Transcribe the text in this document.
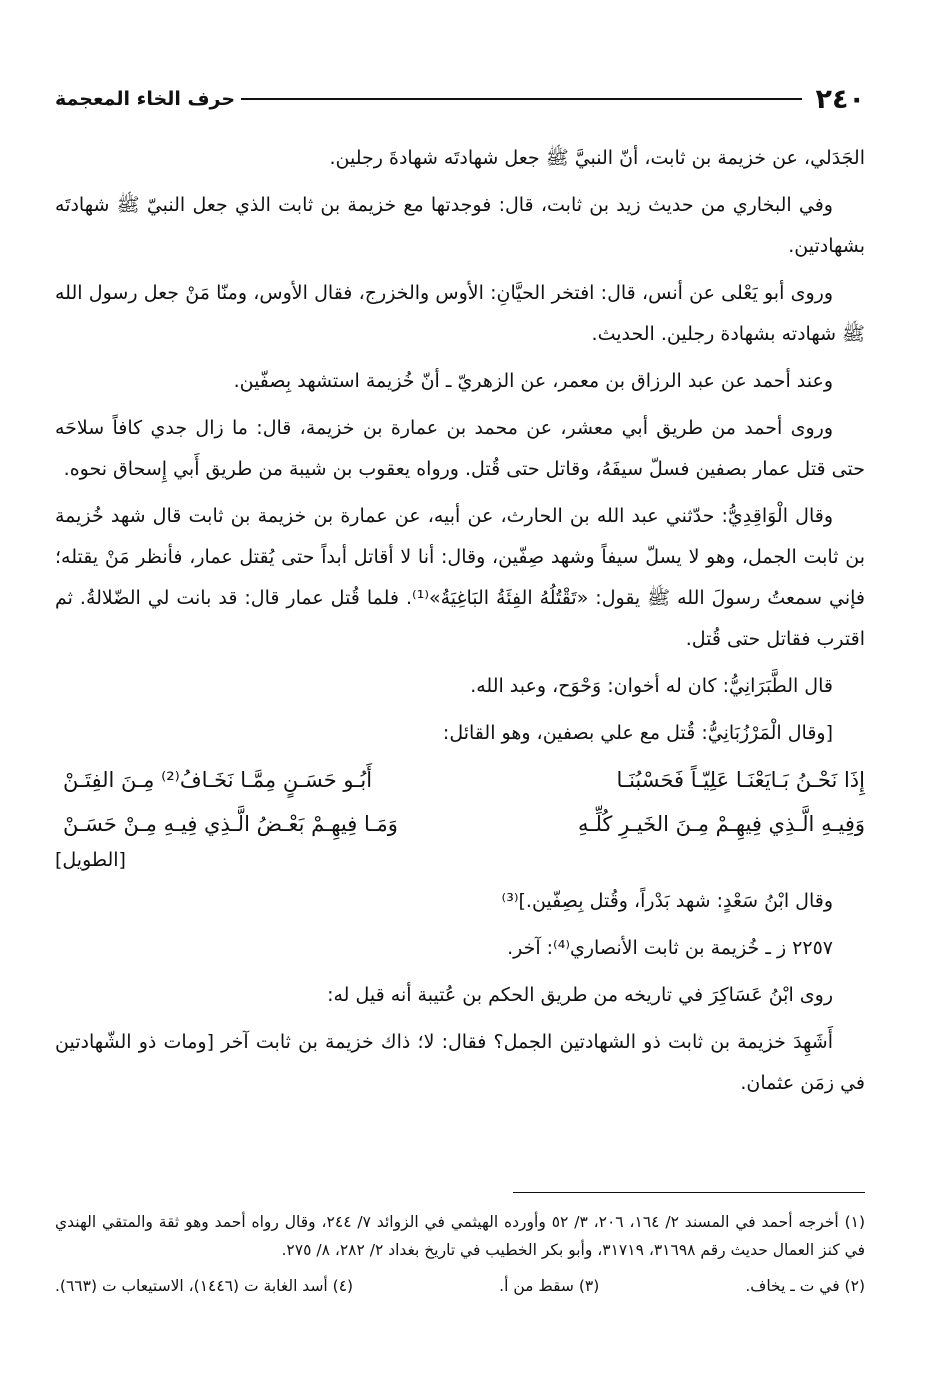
٢٤٠
حرف الخاء المعجمة

الجَدَلي، عن خزيمة بن ثابت، أنّ النبيَّ ﷺ جعل شهادتَه شهادةَ رجلين.

وفي البخاري من حديث زيد بن ثابت، قال: فوجدتها مع خزيمة بن ثابت الذي جعل النبيّ ﷺ شهادتَه بشهادتين.

وروى أبو يَعْلى عن أنس، قال: افتخر الحيَّانِ: الأوس والخزرج، فقال الأوس، ومنّا مَنْ جعل رسول الله ﷺ شهادته بشهادة رجلين. الحديث.

وعند أحمد عن عبد الرزاق بن معمر، عن الزهريّ ـ أنّ خُزيمة استشهد بِصفّين.

وروى أحمد من طريق أبي معشر، عن محمد بن عمارة بن خزيمة، قال: ما زال جدي كافاً سلاحَه حتى قتل عمار بصفين فسلّ سيفَهُ، وقاتل حتى قُتل. ورواه يعقوب بن شيبة من طريق أَبي إِسحاق نحوه.

وقال الْوَاقِدِيُّ: حدّثني عبد الله بن الحارث، عن أبيه، عن عمارة بن خزيمة بن ثابت قال شهد خُزيمة بن ثابت الجمل، وهو لا يسلّ سيفاً وشهد صِفّين، وقال: أنا لا أقاتل أبداً حتى يُقتل عمار، فأنظر مَنْ يقتله؛ فإني سمعتُ رسولَ الله ﷺ يقول: «تَقْتُلُهُ الفِئَةُ البَاغِيَةُ»⁽¹⁾. فلما قُتل عمار قال: قد بانت لي الضّلالةُ. ثم اقترب فقاتل حتى قُتل.

قال الطَّبَرَانِيُّ: كان له أخوان: وَحْوَح، وعبد الله.

[وقال الْمَرْزُبَانِيُّ: قُتل مع علي بصفين، وهو القائل:

إِذَا نَحْـنُ بَـايَعْنَـا عَلِيّـاً فَحَسْبُنَـا
أَبُـو حَسَـنٍ مِمَّـا نَخَـافُ⁽²⁾ مِـنَ الفِتَـنْ
وَفِيـهِ الَّـذِي فِيهِـمْ مِـنَ الخَيـرِ كُلِّـهِ
وَمَـا فِيهِـمْ بَعْـضُ الَّـذِي فِيـهِ مِـنْ حَسَـنْ
[الطويل]

وقال ابْنُ سَعْدٍ: شهد بَدْراً، وقُتل بِصِفّين.]⁽³⁾

٢٢٥٧ ز ـ خُزيمة بن ثابت الأنصاري⁽⁴⁾: آخر.

روى ابْنُ عَسَاكِرَ في تاريخه من طريق الحكم بن عُتيبة أنه قيل له:

أَشَهِدَ خزيمة بن ثابت ذو الشهادتين الجمل؟ فقال: لا؛ ذاك خزيمة بن ثابت آخر [ومات ذو الشّهادتين في زمَن عثمان.

(١) أخرجه أحمد في المسند ٢/ ١٦٤، ٢٠٦، ٣/ ٥٢ وأورده الهيثمي في الزوائد ٧/ ٢٤٤، وقال رواه أحمد وهو ثقة والمتقي الهندي في كنز العمال حديث رقم ٣١٦٩٨، ٣١٧١٩، وأبو بكر الخطيب في تاريخ بغداد ٢/ ٢٨٢، ٨/ ٢٧٥.

(٢) في ت ـ يخاف.
(٣) سقط من أ.
(٤) أسد الغابة ت (١٤٤٦)، الاستيعاب ت (٦٦٣).
